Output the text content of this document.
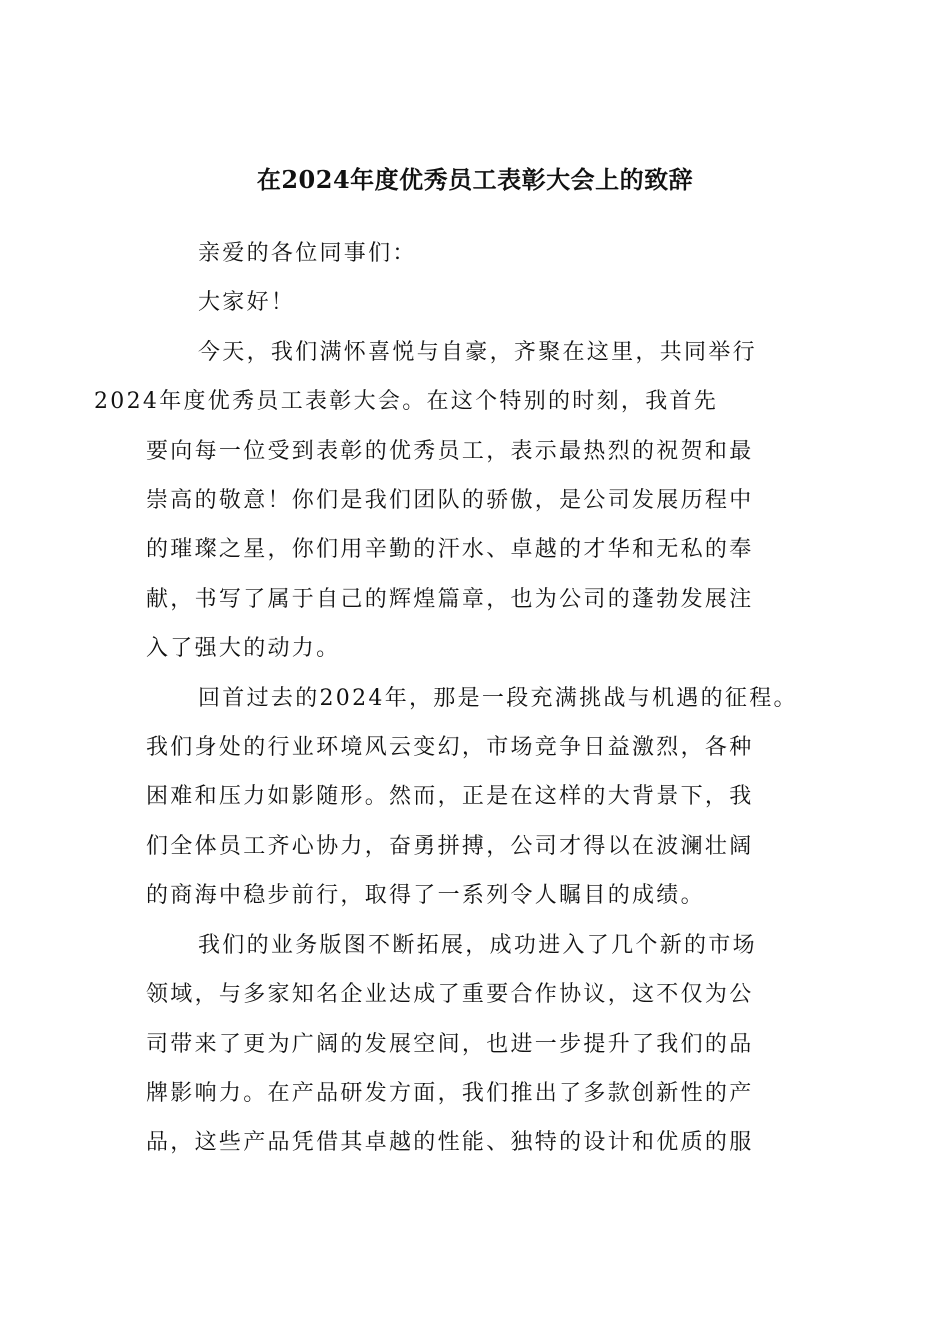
在2024年度优秀员工表彰大会上的致辞

亲爱的各位同事们：

大家好！

今天，我们满怀喜悦与自豪，齐聚在这里，共同举行
2024年度优秀员工表彰大会。在这个特别的时刻，我首先
要向每一位受到表彰的优秀员工，表示最热烈的祝贺和最
崇高的敬意！你们是我们团队的骄傲，是公司发展历程中
的璀璨之星，你们用辛勤的汗水、卓越的才华和无私的奉
献，书写了属于自己的辉煌篇章，也为公司的蓬勃发展注
入了强大的动力。

回首过去的2024年，那是一段充满挑战与机遇的征程。
我们身处的行业环境风云变幻，市场竞争日益激烈，各种
困难和压力如影随形。然而，正是在这样的大背景下，我
们全体员工齐心协力，奋勇拼搏，公司才得以在波澜壮阔
的商海中稳步前行，取得了一系列令人瞩目的成绩。

我们的业务版图不断拓展，成功进入了几个新的市场
领域，与多家知名企业达成了重要合作协议，这不仅为公
司带来了更为广阔的发展空间，也进一步提升了我们的品
牌影响力。在产品研发方面，我们推出了多款创新性的产
品，这些产品凭借其卓越的性能、独特的设计和优质的服
